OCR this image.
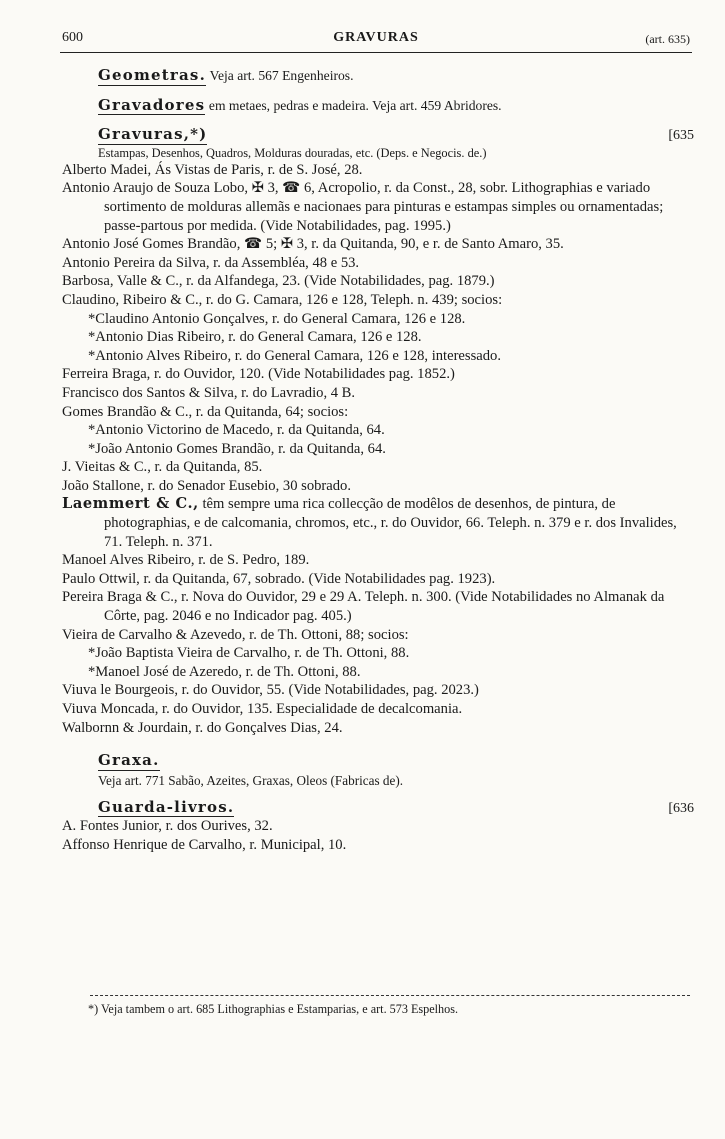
600	GRAVURAS	(art. 635)
Geometras. Veja art. 567 Engenheiros.
Gravadores em metaes, pedras e madeira. Veja art. 459 Abridores.
Gravuras,*)	[635
Estampas, Desenhos, Quadros, Molduras douradas, etc. (Deps. e Negocis. de.)
Alberto Madei, Ás Vistas de Paris, r. de S. José, 28.
Antonio Araujo de Souza Lobo, ✠ 3, ☎ 6, Acropolio, r. da Const., 28, sobr. Lithographias e variado sortimento de molduras allemãs e nacionaes para pinturas e estampas simples ou ornamentadas; passe-partous por medida. (Vide Notabilidades, pag. 1995.)
Antonio José Gomes Brandão, ☎ 5; ✠ 3, r. da Quitanda, 90, e r. de Santo Amaro, 35.
Antonio Pereira da Silva, r. da Assembléa, 48 e 53.
Barbosa, Valle & C., r. da Alfandega, 23. (Vide Notabilidades, pag. 1879.)
Claudino, Ribeiro & C., r. do G. Camara, 126 e 128, Teleph. n. 439; socios:
*Claudino Antonio Gonçalves, r. do General Camara, 126 e 128.
*Antonio Dias Ribeiro, r. do General Camara, 126 e 128.
*Antonio Alves Ribeiro, r. do General Camara, 126 e 128, interessado.
Ferreira Braga, r. do Ouvidor, 120. (Vide Notabilidades pag. 1852.)
Francisco dos Santos & Silva, r. do Lavradio, 4 B.
Gomes Brandão & C., r. da Quitanda, 64; socios:
*Antonio Victorino de Macedo, r. da Quitanda, 64.
*João Antonio Gomes Brandão, r. da Quitanda, 64.
J. Vieitas & C., r. da Quitanda, 85.
João Stallone, r. do Senador Eusebio, 30 sobrado.
Laemmert & C., têm sempre uma rica collecção de modêlos de desenhos, de pintura, de photographias, e de calcomania, chromos, etc., r. do Ouvidor, 66. Teleph. n. 379 e r. dos Invalides, 71. Teleph. n. 371.
Manoel Alves Ribeiro, r. de S. Pedro, 189.
Paulo Ottwil, r. da Quitanda, 67, sobrado. (Vide Notabilidades pag. 1923).
Pereira Braga & C., r. Nova do Ouvidor, 29 e 29 A. Teleph. n. 300. (Vide Notabilidades no Almanak da Côrte, pag. 2046 e no Indicador pag. 405.)
Vieira de Carvalho & Azevedo, r. de Th. Ottoni, 88; socios:
*João Baptista Vieira de Carvalho, r. de Th. Ottoni, 88.
*Manoel José de Azeredo, r. de Th. Ottoni, 88.
Viuva le Bourgeois, r. do Ouvidor, 55. (Vide Notabilidades, pag. 2023.)
Viuva Moncada, r. do Ouvidor, 135. Especialidade de decalcomania.
Walbornn & Jourdain, r. do Gonçalves Dias, 24.
Graxa.
Veja art. 771 Sabão, Azeites, Graxas, Oleos (Fabricas de).
Guarda-livros.	[636
A. Fontes Junior, r. dos Ourives, 32.
Affonso Henrique de Carvalho, r. Municipal, 10.
*) Veja tambem o art. 685 Lithographias e Estamparias, e art. 573 Espelhos.
